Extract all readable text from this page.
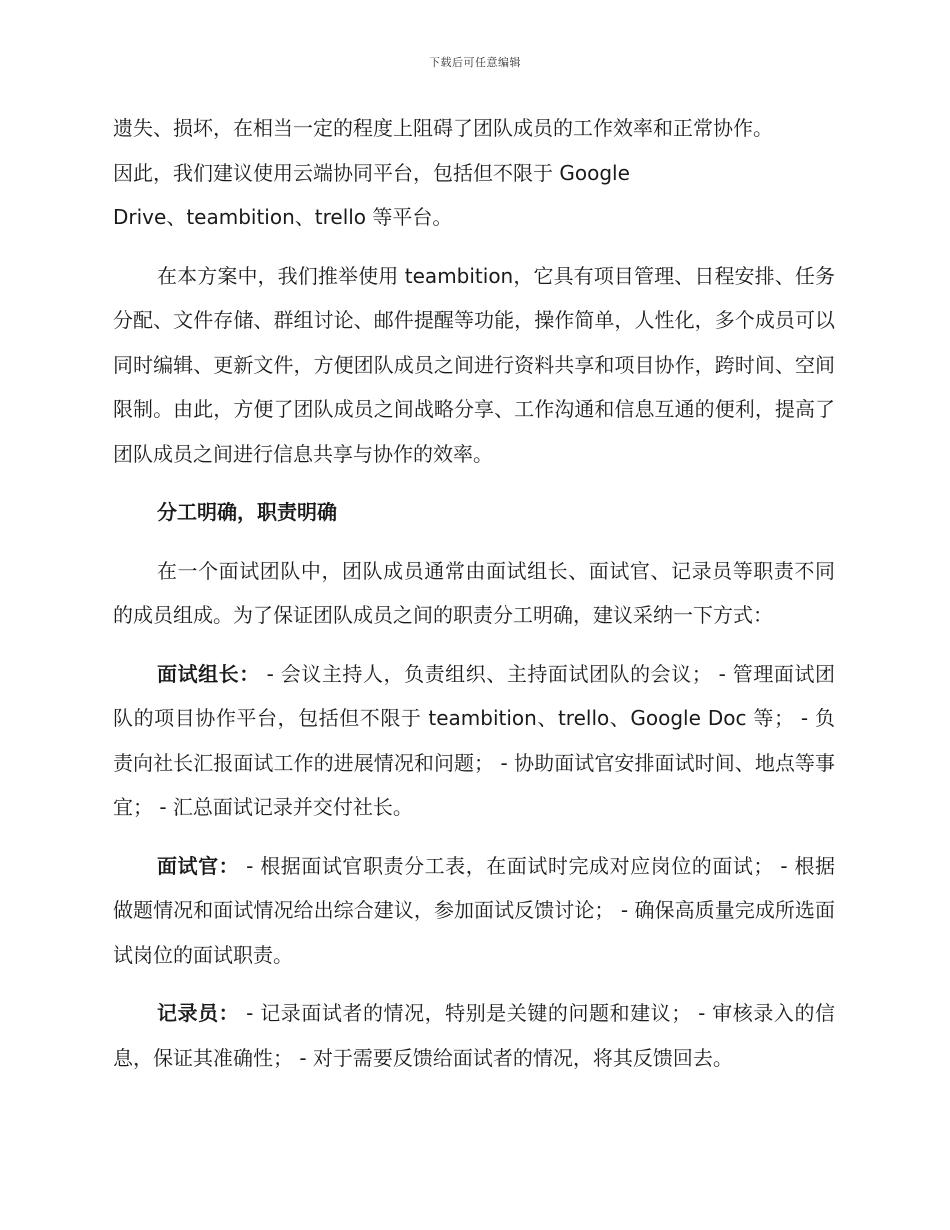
下载后可任意编辑

遗失、损坏，在相当一定的程度上阻碍了团队成员的工作效率和正常协作。
因此，我们建议使用云端协同平台，包括但不限于 Google
Drive、teambition、trello 等平台。

在本方案中，我们推举使用 teambition，它具有项目管理、日程安排、任务分配、文件存储、群组讨论、邮件提醒等功能，操作简单，人性化，多个成员可以同时编辑、更新文件，方便团队成员之间进行资料共享和项目协作，跨时间、空间限制。由此，方便了团队成员之间战略分享、工作沟通和信息互通的便利，提高了团队成员之间进行信息共享与协作的效率。

分工明确，职责明确

在一个面试团队中，团队成员通常由面试组长、面试官、记录员等职责不同的成员组成。为了保证团队成员之间的职责分工明确，建议采纳一下方式：

面试组长： - 会议主持人，负责组织、主持面试团队的会议； - 管理面试团队的项目协作平台，包括但不限于 teambition、trello、Google Doc 等； - 负责向社长汇报面试工作的进展情况和问题； - 协助面试官安排面试时间、地点等事宜； - 汇总面试记录并交付社长。

面试官： - 根据面试官职责分工表，在面试时完成对应岗位的面试； - 根据做题情况和面试情况给出综合建议，参加面试反馈讨论； - 确保高质量完成所选面试岗位的面试职责。

记录员： - 记录面试者的情况，特别是关键的问题和建议； - 审核录入的信息，保证其准确性； - 对于需要反馈给面试者的情况，将其反馈回去。
